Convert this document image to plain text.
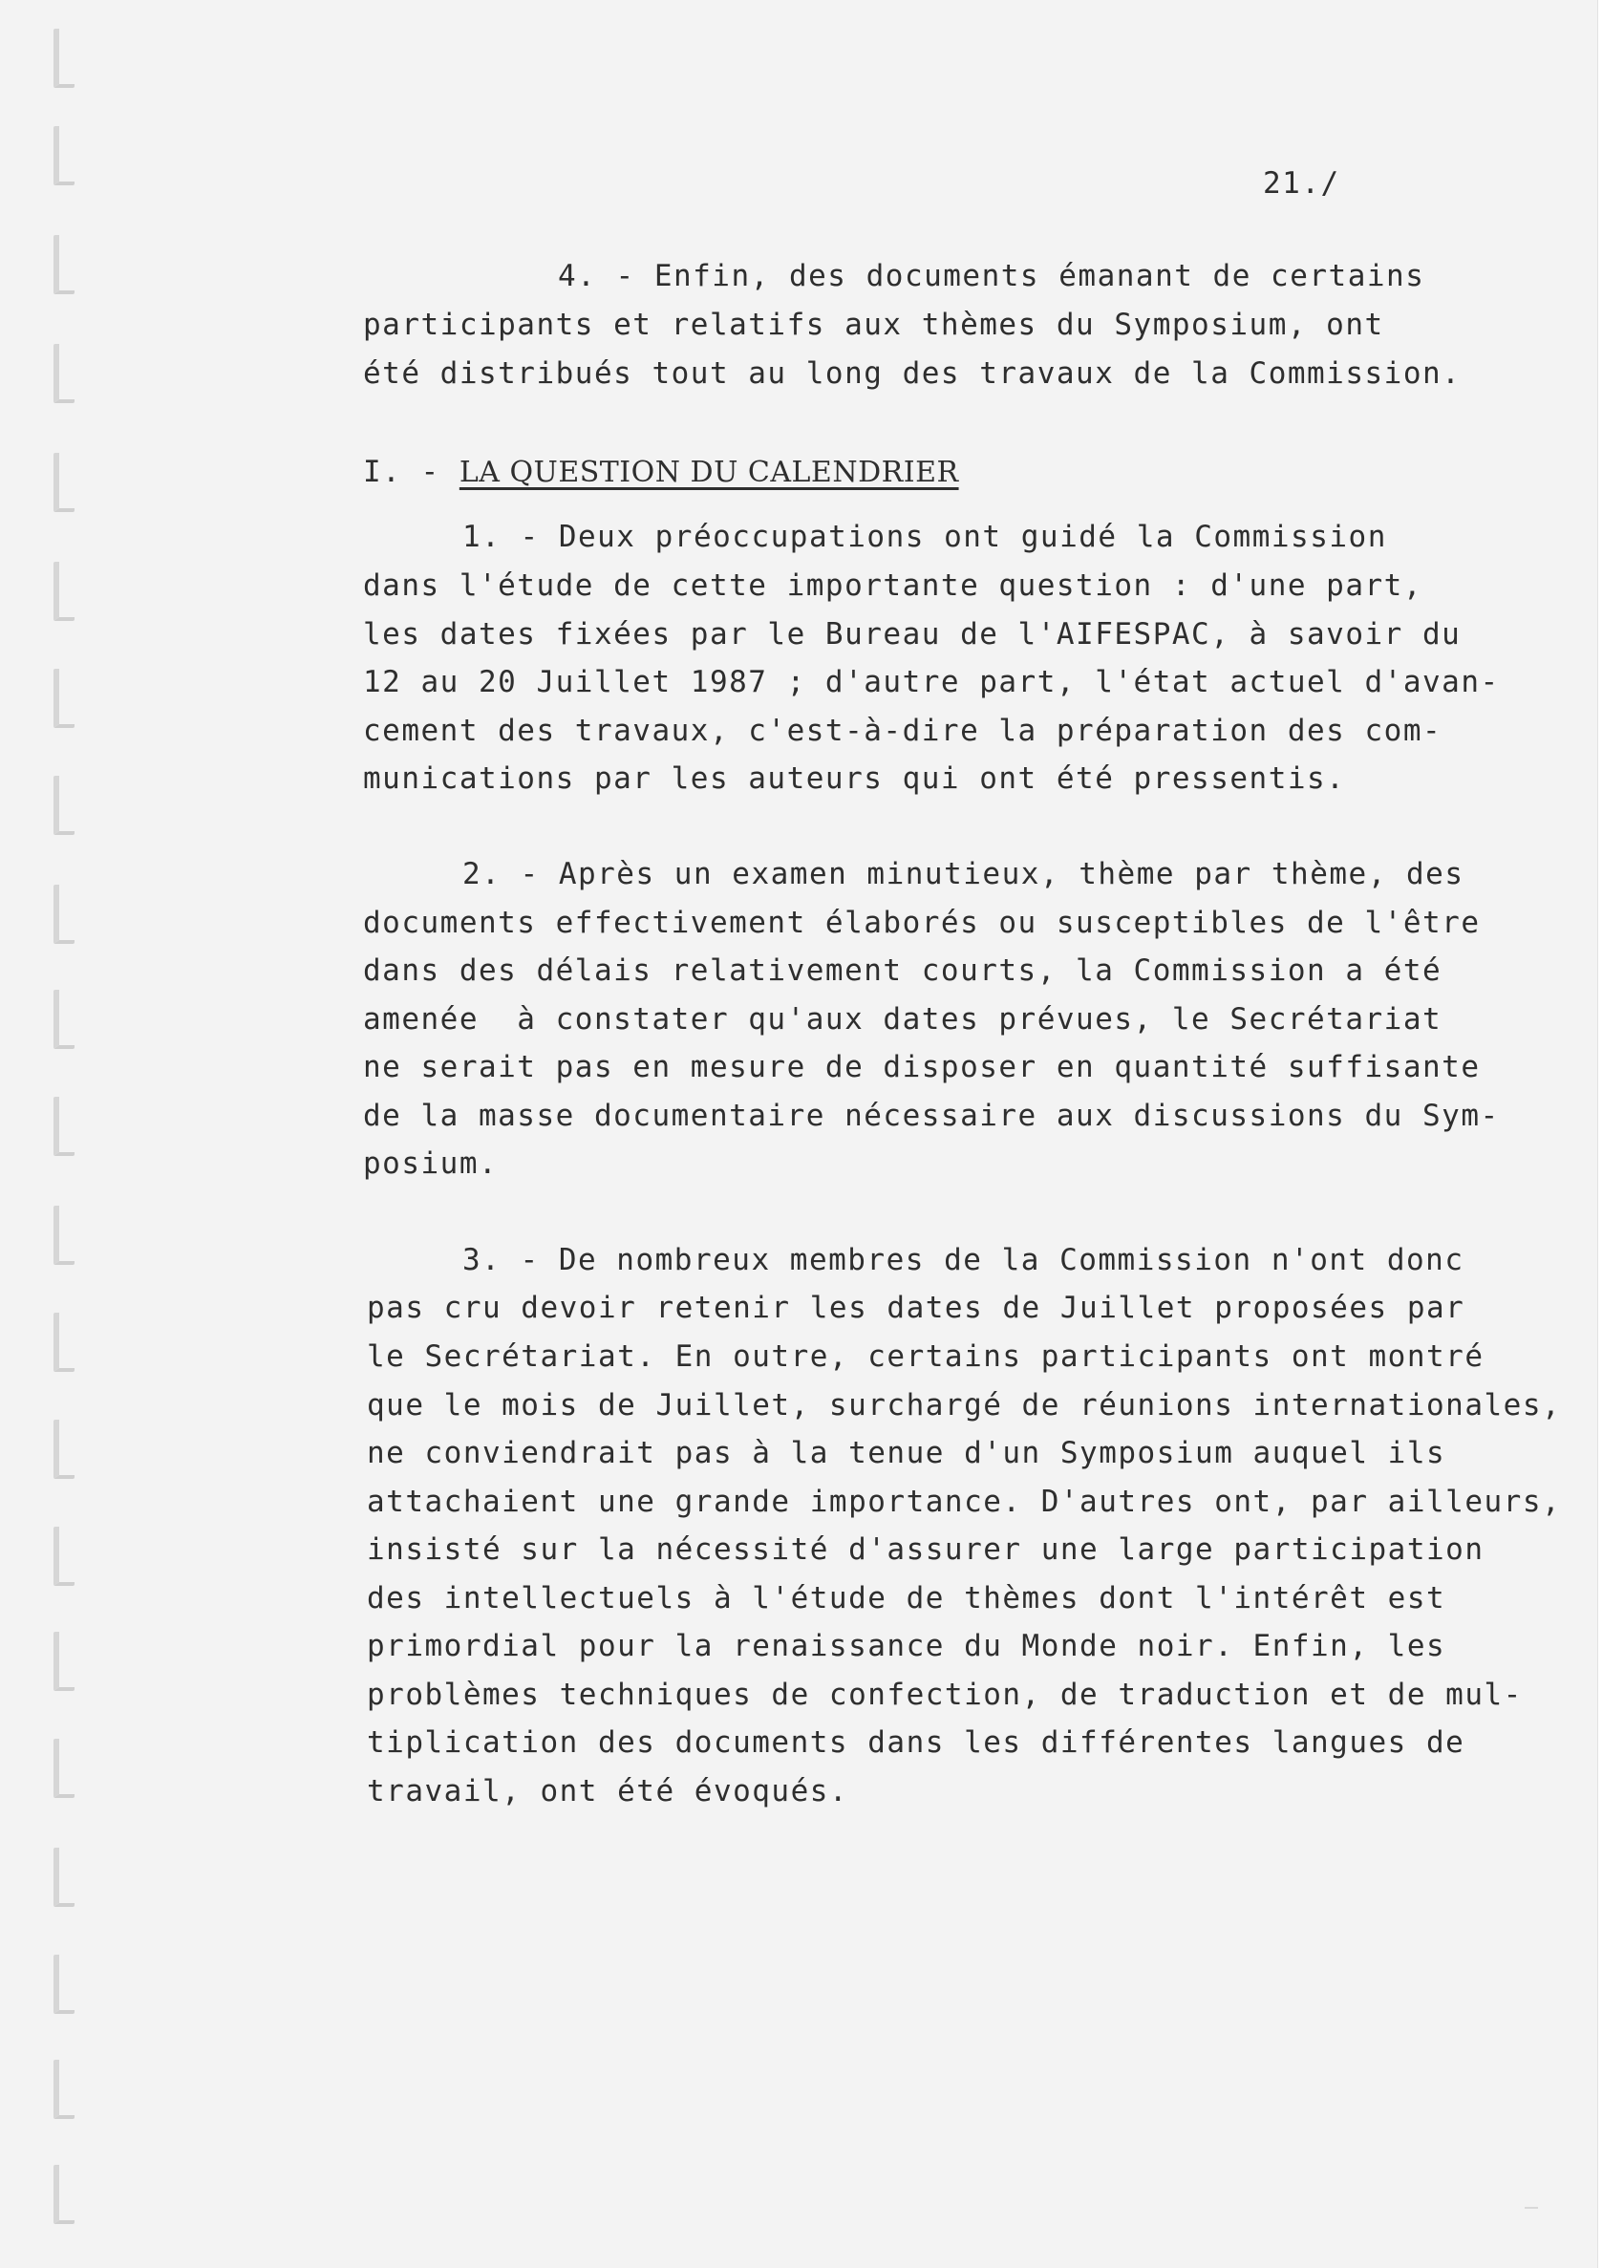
21./
4. - Enfin, des documents émanant de certains
participants et relatifs aux thèmes du Symposium, ont
été distribués tout au long des travaux de la Commission.
I. - LA QUESTION DU CALENDRIER
1. - Deux préoccupations ont guidé la Commission
dans l'étude de cette importante question : d'une part,
les dates fixées par le Bureau de l'AIFESPAC, à savoir du
12 au 20 Juillet 1987 ; d'autre part, l'état actuel d'avan-
cement des travaux, c'est-à-dire la préparation des com-
munications par les auteurs qui ont été pressentis.
2. - Après un examen minutieux, thème par thème, des
documents effectivement élaborés ou susceptibles de l'être
dans des délais relativement courts, la Commission a été
amenée  à constater qu'aux dates prévues, le Secrétariat
ne serait pas en mesure de disposer en quantité suffisante
de la masse documentaire nécessaire aux discussions du Sym-
posium.
3. - De nombreux membres de la Commission n'ont donc
pas cru devoir retenir les dates de Juillet proposées par
le Secrétariat. En outre, certains participants ont montré
que le mois de Juillet, surchargé de réunions internationales,
ne conviendrait pas à la tenue d'un Symposium auquel ils
attachaient une grande importance. D'autres ont, par ailleurs,
insisté sur la nécessité d'assurer une large participation
des intellectuels à l'étude de thèmes dont l'intérêt est
primordial pour la renaissance du Monde noir. Enfin, les
problèmes techniques de confection, de traduction et de mul-
tiplication des documents dans les différentes langues de
travail, ont été évoqués.
